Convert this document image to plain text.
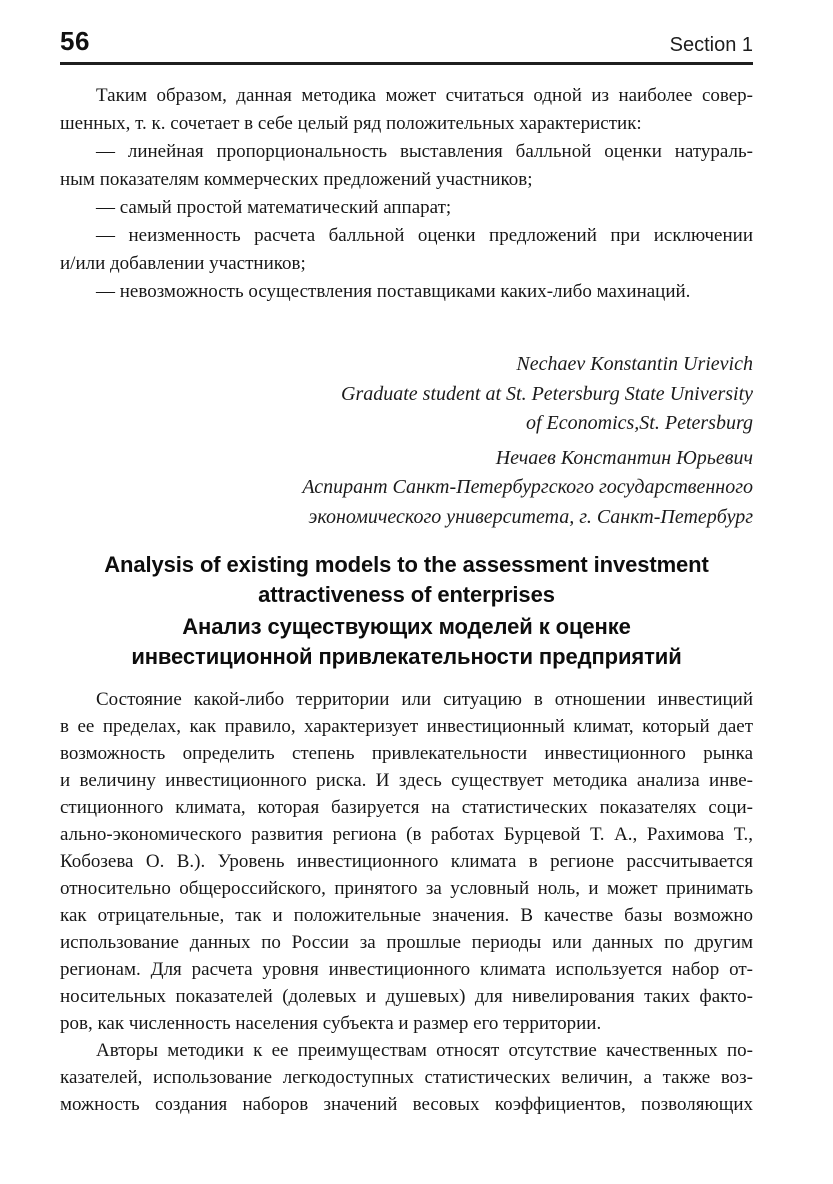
56	Section 1

Таким образом, данная методика может считаться одной из наиболее совер-
шенных, т. к. сочетает в себе целый ряд положительных характеристик:

— линейная пропорциональность выставления балльной оценки натураль-
ным показателям коммерческих предложений участников;

— самый простой математический аппарат;

— неизменность расчета балльной оценки предложений при исключении
и/или добавлении участников;

— невозможность осуществления поставщиками каких-либо махинаций.

Nechaev Konstantin Urievich
Graduate student at St. Petersburg State University
of Economics,St. Petersburg
Нечаев Константин Юрьевич
Аспирант Санкт-Петербургского государственного
экономического университета, г. Санкт-Петербург
Analysis of existing models to the assessment investment
attractiveness of enterprises
Анализ существующих моделей к оценке
инвестиционной привлекательности предприятий

Состояние какой-либо территории или ситуацию в отношении инвестиций
в ее пределах, как правило, характеризует инвестиционный климат, который дает
возможность определить степень привлекательности инвестиционного рынка
и величину инвестиционного риска. И здесь существует методика анализа инве-
стиционного климата, которая базируется на статистических показателях соци-
ально-экономического развития региона (в работах Бурцевой Т. А., Рахимова Т.,
Кобозева О. В.). Уровень инвестиционного климата в регионе рассчитывается
относительно общероссийского, принятого за условный ноль, и может принимать
как отрицательные, так и положительные значения. В качестве базы возможно
использование данных по России за прошлые периоды или данных по другим
регионам. Для расчета уровня инвестиционного климата используется набор от-
носительных показателей (долевых и душевых) для нивелирования таких факто-
ров, как численность населения субъекта и размер его территории.

Авторы методики к ее преимуществам относят отсутствие качественных по-
казателей, использование легкодоступных статистических величин, а также воз-
можность создания наборов значений весовых коэффициентов, позволяющих
